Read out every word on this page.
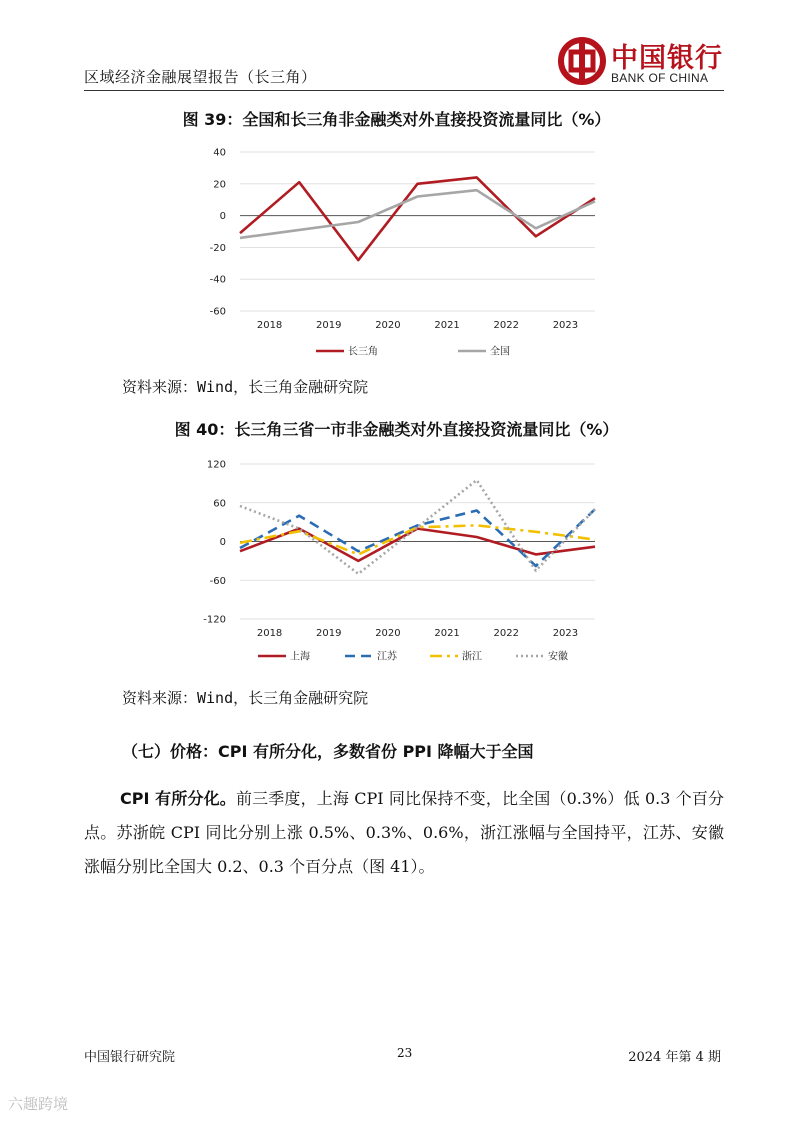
区域经济金融展望报告（长三角）
中国银行
BANK OF CHINA
图 39：全国和长三角非金融类对外直接投资流量同比（%）
40
20
0
-20
-40
-60
2018	2019	2020	2021	2022	2023
长三角	全国
资料来源：Wind，长三角金融研究院
图 40：长三角三省一市非金融类对外直接投资流量同比（%）
120
60
0
-60
-120
2018	2019	2020	2021	2022	2023
上海	江苏	浙江	安徽
资料来源：Wind，长三角金融研究院
（七）价格：CPI 有所分化，多数省份 PPI 降幅大于全国
CPI 有所分化。前三季度，上海 CPI 同比保持不变，比全国（0.3%）低 0.3 个百分点。苏浙皖 CPI 同比分别上涨 0.5%、0.3%、0.6%，浙江涨幅与全国持平，江苏、安徽涨幅分别比全国大 0.2、0.3 个百分点（图 41）。
中国银行研究院	23	2024 年第 4 期
六趣跨境
